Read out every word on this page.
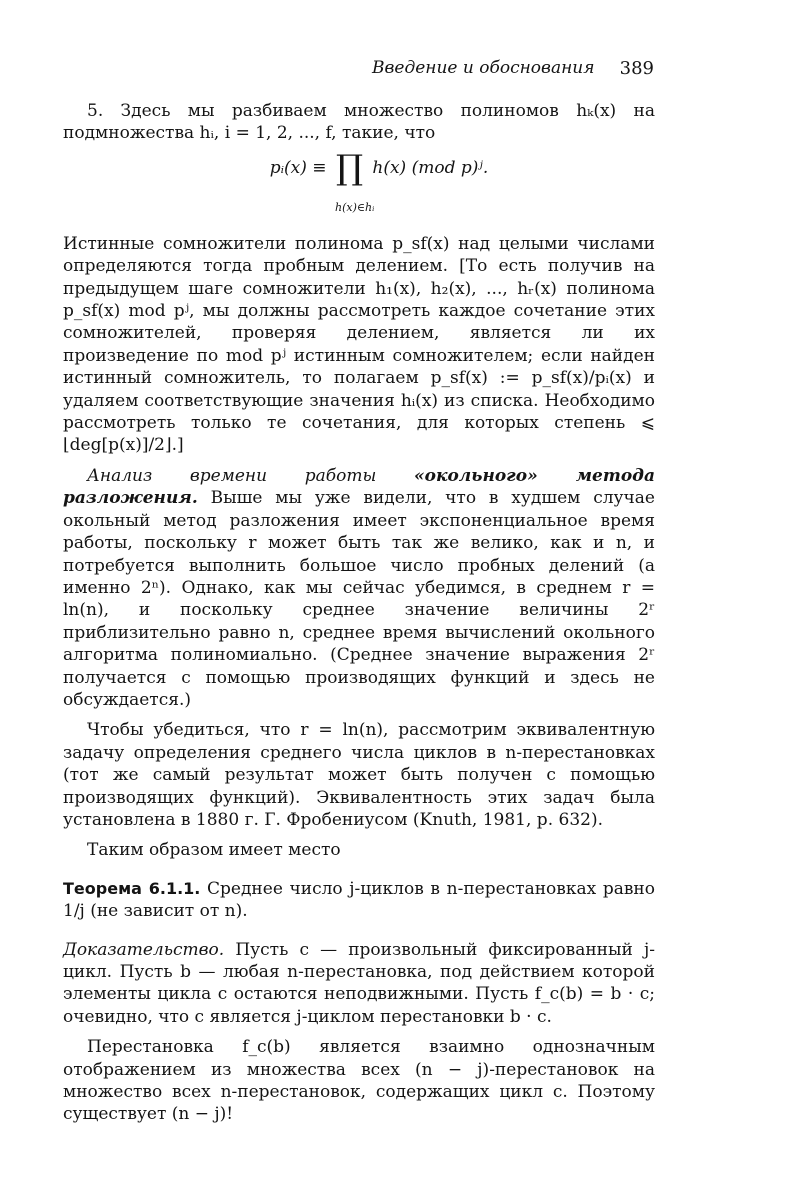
Введение и обоснования 389

5. Здесь мы разбиваем множество полиномов hₖ(x) на подмножества hᵢ, i = 1, 2, ..., f, такие, что

pᵢ(x) ≡ ∏ h(x) (mod p)ʲ.
h(x)∈hᵢ

Истинные сомножители полинома p_sf(x) над целыми числами определяются тогда пробным делением. [То есть получив на предыдущем шаге сомножители h₁(x), h₂(x), ..., hᵣ(x) полинома p_sf(x) mod pʲ, мы должны рассмотреть каждое сочетание этих сомножителей, проверяя делением, является ли их произведение по mod pʲ истинным сомножителем; если найден истинный сомножитель, то полагаем p_sf(x) := p_sf(x)/pᵢ(x) и удаляем соответствующие значения hᵢ(x) из списка. Необходимо рассмотреть только те сочетания, для которых степень ⩽ ⌊deg[p(x)]/2⌋.]

Анализ времени работы «окольного» метода разложения. Выше мы уже видели, что в худшем случае окольный метод разложения имеет экспоненциальное время работы, поскольку r может быть так же велико, как и n, и потребуется выполнить большое число пробных делений (а именно 2ⁿ). Однако, как мы сейчас убедимся, в среднем r = ln(n), и поскольку среднее значение величины 2ʳ приблизительно равно n, среднее время вычислений окольного алгоритма полиномиально. (Среднее значение выражения 2ʳ получается с помощью производящих функций и здесь не обсуждается.)

Чтобы убедиться, что r = ln(n), рассмотрим эквивалентную задачу определения среднего числа циклов в n-перестановках (тот же самый результат может быть получен с помощью производящих функций). Эквивалентность этих задач была установлена в 1880 г. Г. Фробениусом (Knuth, 1981, p. 632).

Таким образом имеет место

Теорема 6.1.1. Среднее число j-циклов в n-перестановках равно 1/j (не зависит от n).

Доказательство. Пусть c — произвольный фиксированный j-цикл. Пусть b — любая n-перестановка, под действием которой элементы цикла c остаются неподвижными. Пусть f_c(b) = b · c; очевидно, что c является j-циклом перестановки b · c.

Перестановка f_c(b) является взаимно однозначным отображением из множества всех (n − j)-перестановок на множество всех n-перестановок, содержащих цикл c. Поэтому существует (n − j)!
